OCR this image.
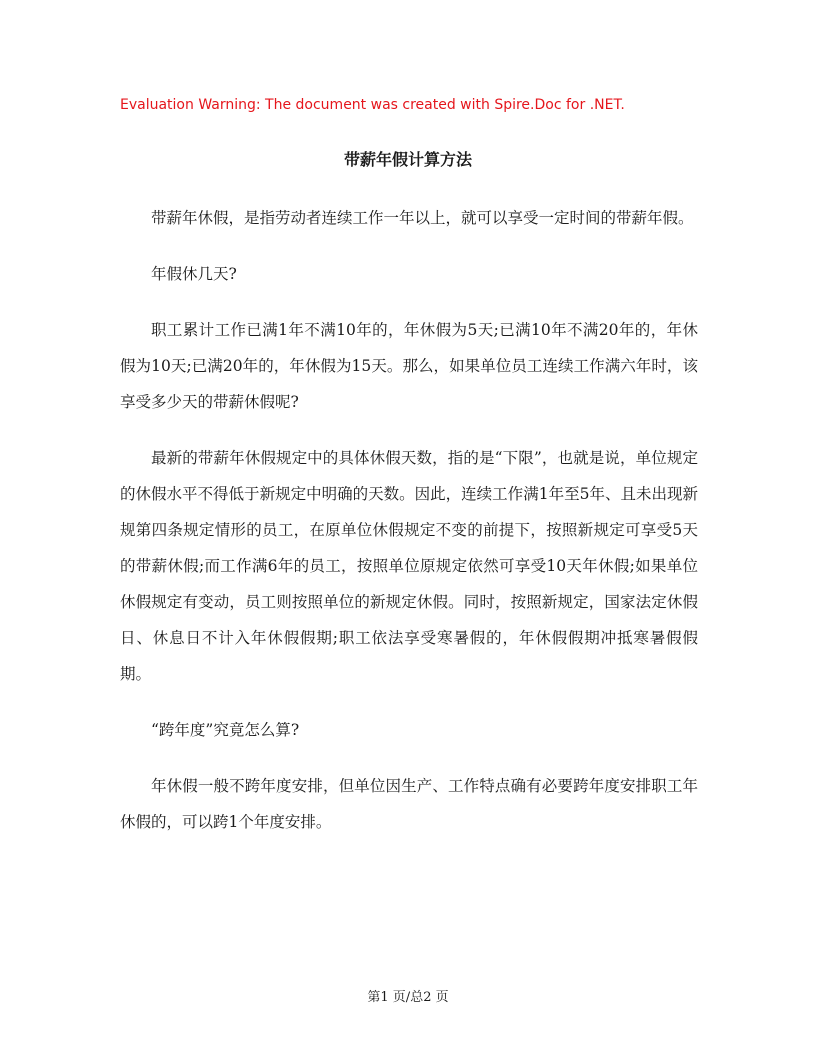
Evaluation Warning: The document was created with Spire.Doc for .NET.
带薪年假计算方法

带薪年休假，是指劳动者连续工作一年以上，就可以享受一定时间的带薪年假。

年假休几天?

职工累计工作已满1年不满10年的，年休假为5天;已满10年不满20年的，年休假为10天;已满20年的，年休假为15天。那么，如果单位员工连续工作满六年时，该享受多少天的带薪休假呢?

最新的带薪年休假规定中的具体休假天数，指的是“下限”，也就是说，单位规定的休假水平不得低于新规定中明确的天数。因此，连续工作满1年至5年、且未出现新规第四条规定情形的员工，在原单位休假规定不变的前提下，按照新规定可享受5天的带薪休假;而工作满6年的员工，按照单位原规定依然可享受10天年休假;如果单位休假规定有变动，员工则按照单位的新规定休假。同时，按照新规定，国家法定休假日、休息日不计入年休假假期;职工依法享受寒暑假的，年休假假期冲抵寒暑假假期。

“跨年度”究竟怎么算?

年休假一般不跨年度安排，但单位因生产、工作特点确有必要跨年度安排职工年休假的，可以跨1个年度安排。

第1 页/总2 页
